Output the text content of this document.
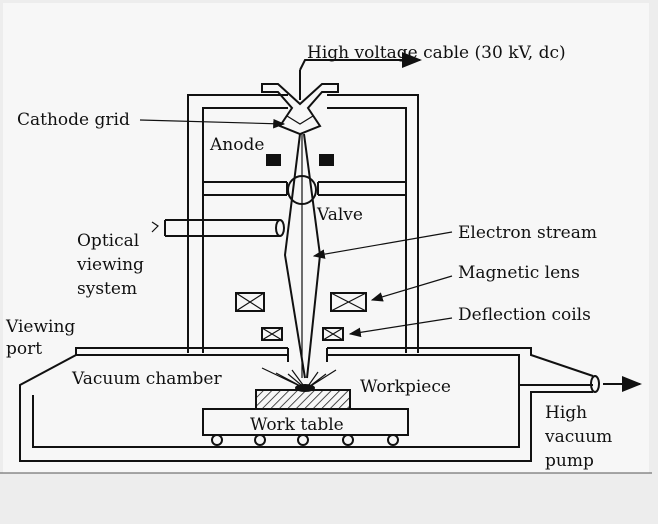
High voltage cable (30 kV, dc)
Cathode grid
Anode
Valve
Optical
viewing
system
Electron stream
Magnetic lens
Deflection coils
Viewing
port
Vacuum chamber	Workpiece
Work table
High
vacuum
pump
